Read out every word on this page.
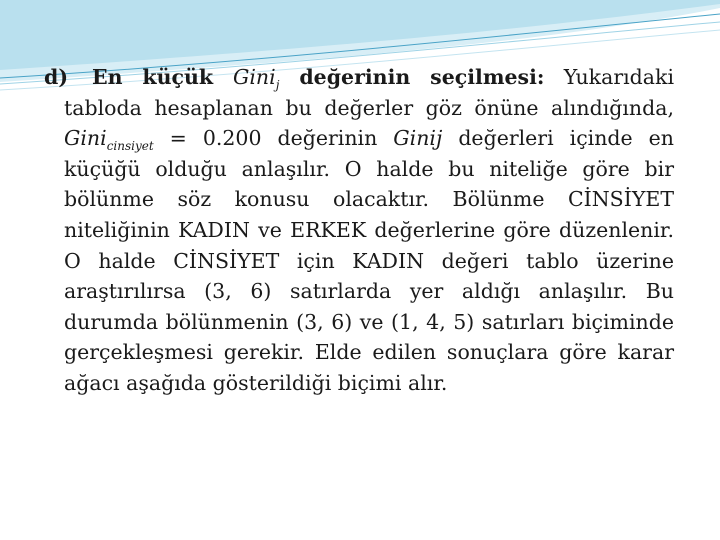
d) En küçük Gini$_j$ değerinin seçilmesi: Yukarıdaki tabloda hesaplanan bu değerler göz önüne alındığında, Gini$_{cinsiyet}$ = 0.200 değerinin Ginij değerleri içinde en küçüğü olduğu anlaşılır. O halde bu niteliğe göre bir bölünme söz konusu olacaktır. Bölünme CİNSİYET niteliğinin KADIN ve ERKEK değerlerine göre düzenlenir. O halde CİNSİYET için KADIN değeri tablo üzerine araştırılırsa (3, 6) satırlarda yer aldığı anlaşılır. Bu durumda bölünmenin (3, 6) ve (1, 4, 5) satırları biçiminde gerçekleşmesi gerekir. Elde edilen sonuçlara göre karar ağacı aşağıda gösterildiği biçimi alır.
